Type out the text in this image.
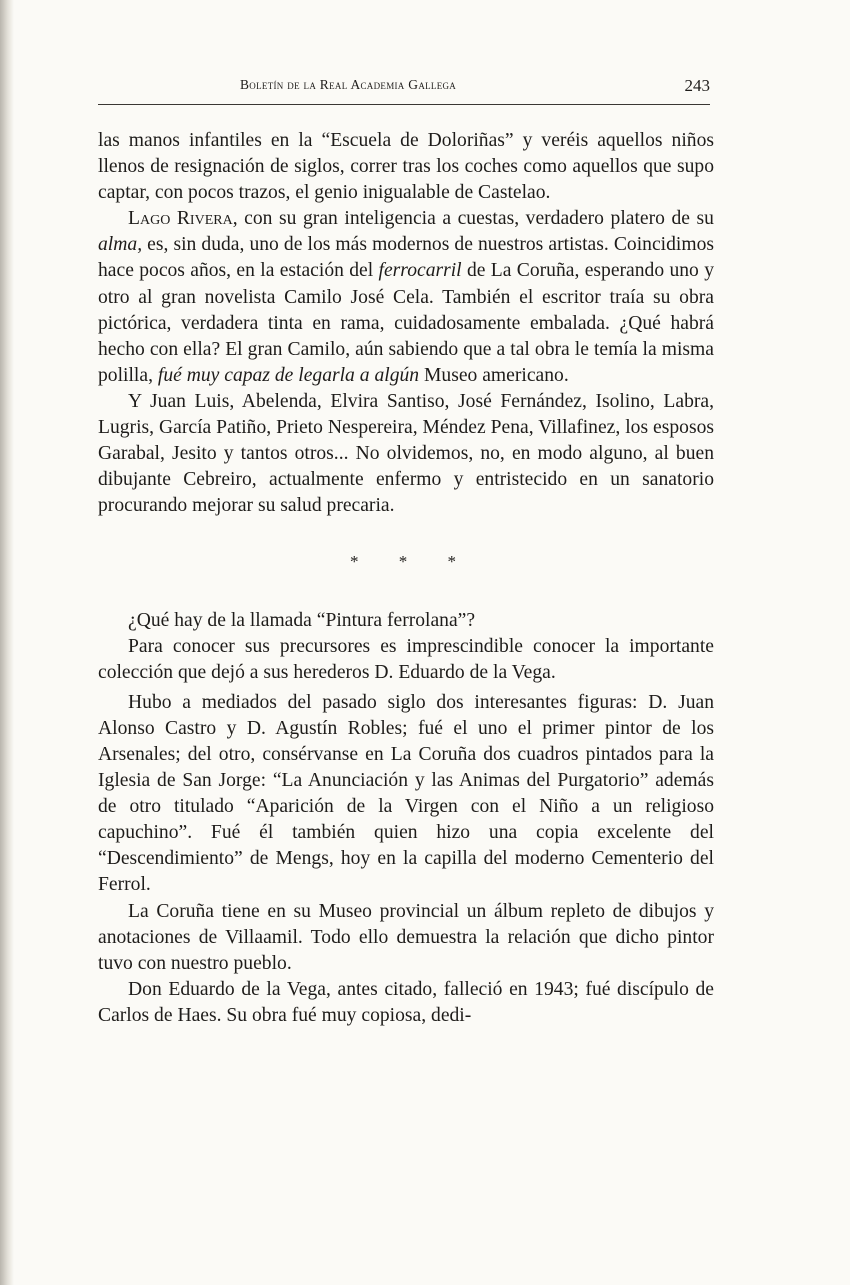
Boletín de la Real Academia Gallega	243

las manos infantiles en la “Escuela de Doloriñas” y veréis aquellos niños llenos de resignación de siglos, correr tras los coches como aquellos que supo captar, con pocos trazos, el genio inigualable de Castelao.

Lago Rivera, con su gran inteligencia a cuestas, verdadero platero de su alma, es, sin duda, uno de los más modernos de nuestros artistas. Coincidimos hace pocos años, en la estación del ferrocarril de La Coruña, esperando uno y otro al gran novelista Camilo José Cela. También el escritor traía su obra pictórica, verdadera tinta en rama, cuidadosamente embalada. ¿Qué habrá hecho con ella? El gran Camilo, aún sabiendo que a tal obra le temía la misma polilla, fué muy capaz de legarla a algún Museo americano.

Y Juan Luis, Abelenda, Elvira Santiso, José Fernández, Isolino, Labra, Lugris, García Patiño, Prieto Nespereira, Méndez Pena, Villafinez, los esposos Garabal, Jesito y tantos otros... No olvidemos, no, en modo alguno, al buen dibujante Cebreiro, actualmente enfermo y entristecido en un sanatorio procurando mejorar su salud precaria.

* * *

¿Qué hay de la llamada “Pintura ferrolana”?

Para conocer sus precursores es imprescindible conocer la importante colección que dejó a sus herederos D. Eduardo de la Vega.

Hubo a mediados del pasado siglo dos interesantes figuras: D. Juan Alonso Castro y D. Agustín Robles; fué el uno el primer pintor de los Arsenales; del otro, consérvanse en La Coruña dos cuadros pintados para la Iglesia de San Jorge: “La Anunciación y las Animas del Purgatorio” además de otro titulado “Aparición de la Virgen con el Niño a un religioso capuchino”. Fué él también quien hizo una copia excelente del “Descendimiento” de Mengs, hoy en la capilla del moderno Cementerio del Ferrol.

La Coruña tiene en su Museo provincial un álbum repleto de dibujos y anotaciones de Villaamil. Todo ello demuestra la relación que dicho pintor tuvo con nuestro pueblo.

Don Eduardo de la Vega, antes citado, falleció en 1943; fué discípulo de Carlos de Haes. Su obra fué muy copiosa, dedi-
